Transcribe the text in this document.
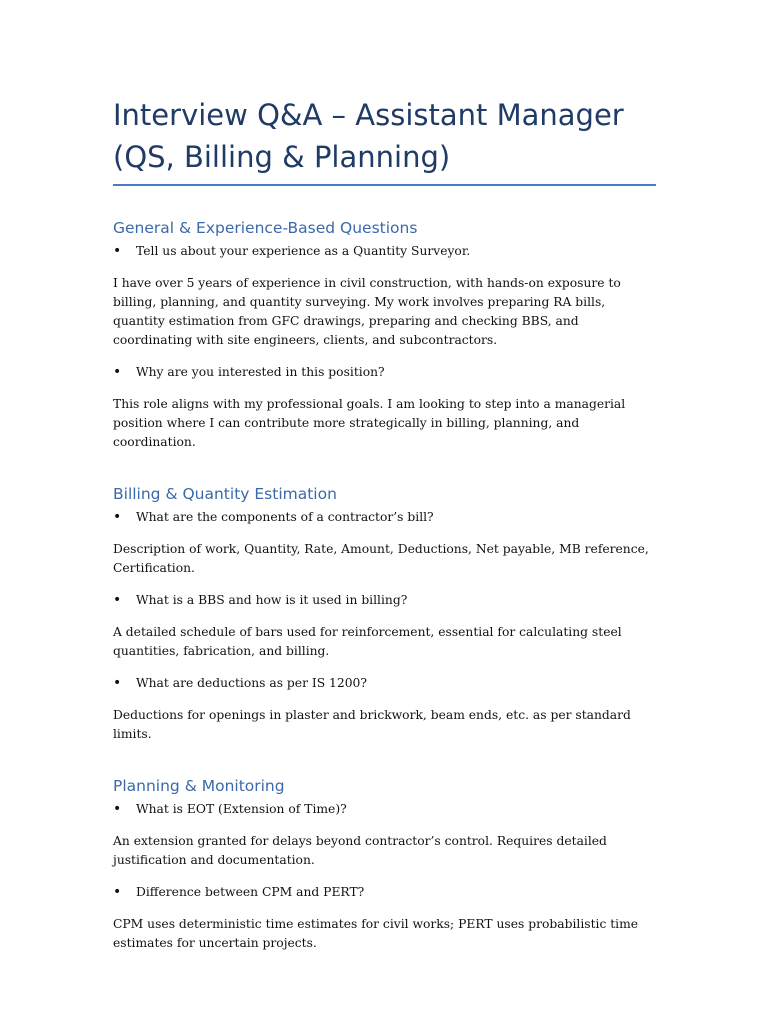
Interview Q&A – Assistant Manager
(QS, Billing & Planning)
General & Experience-Based Questions

• Tell us about your experience as a Quantity Surveyor.

I have over 5 years of experience in civil construction, with hands-on exposure to billing, planning, and quantity surveying. My work involves preparing RA bills, quantity estimation from GFC drawings, preparing and checking BBS, and coordinating with site engineers, clients, and subcontractors.

• Why are you interested in this position?

This role aligns with my professional goals. I am looking to step into a managerial position where I can contribute more strategically in billing, planning, and coordination.

Billing & Quantity Estimation

• What are the components of a contractor’s bill?

Description of work, Quantity, Rate, Amount, Deductions, Net payable, MB reference, Certification.

• What is a BBS and how is it used in billing?

A detailed schedule of bars used for reinforcement, essential for calculating steel quantities, fabrication, and billing.

• What are deductions as per IS 1200?

Deductions for openings in plaster and brickwork, beam ends, etc. as per standard limits.

Planning & Monitoring

• What is EOT (Extension of Time)?

An extension granted for delays beyond contractor’s control. Requires detailed justification and documentation.

• Difference between CPM and PERT?

CPM uses deterministic time estimates for civil works; PERT uses probabilistic time estimates for uncertain projects.
